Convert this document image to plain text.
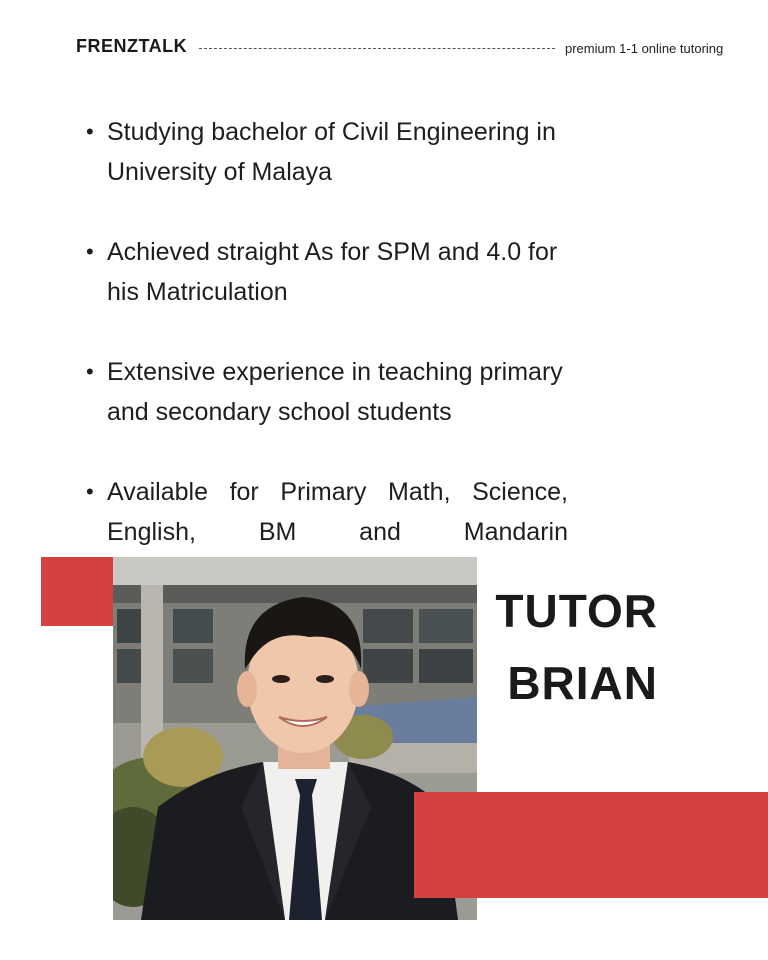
FRENZTALK	premium 1-1 online tutoring
• Studying bachelor of Civil Engineering in
University of Malaya
• Achieved straight As for SPM and 4.0 for
his Matriculation
• Extensive experience in teaching primary
and secondary school students
• Available for Primary Math, Science,
English, BM and Mandarin
TUTOR
BRIAN
